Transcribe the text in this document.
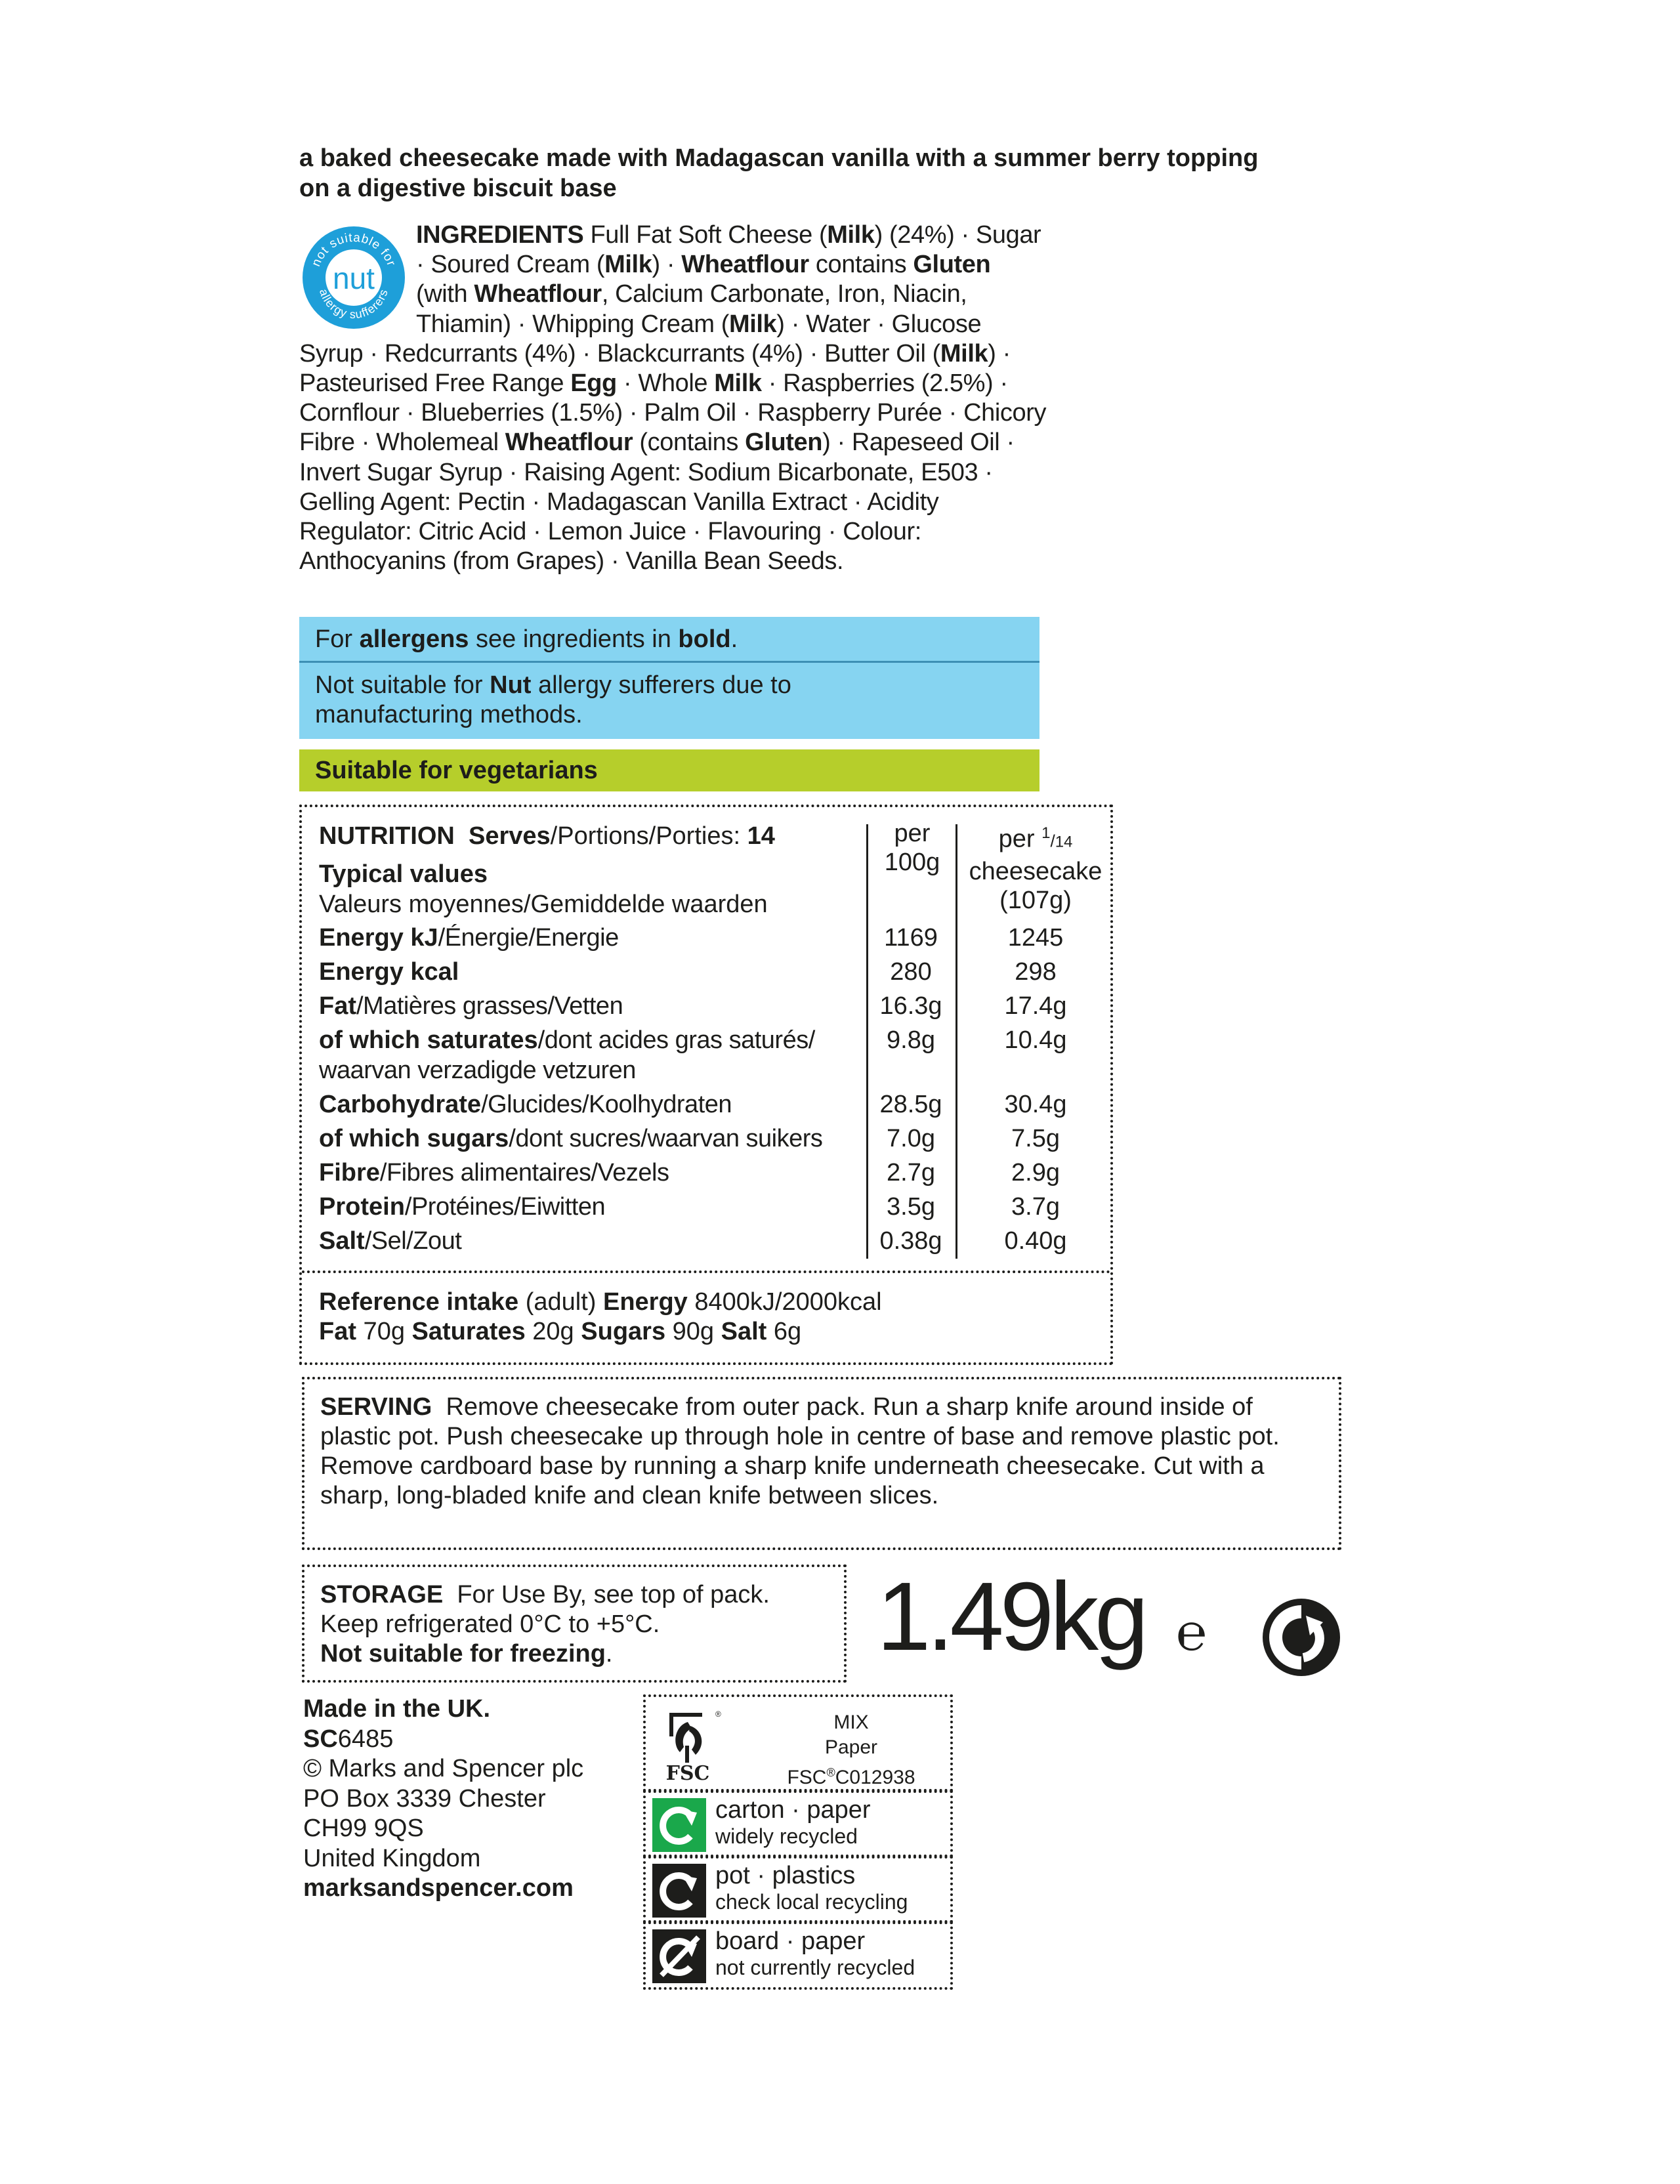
a baked cheesecake made with Madagascan vanilla with a summer berry topping
on a digestive biscuit base
not suitable for
allergy sufferers
nut
INGREDIENTS Full Fat Soft Cheese (Milk) (24%) · Sugar · Soured Cream (Milk) · Wheatflour contains Gluten (with Wheatflour, Calcium Carbonate, Iron, Niacin, Thiamin) · Whipping Cream (Milk) · Water · Glucose Syrup · Redcurrants (4%) · Blackcurrants (4%) · Butter Oil (Milk) · Pasteurised Free Range Egg · Whole Milk · Raspberries (2.5%) · Cornflour · Blueberries (1.5%) · Palm Oil · Raspberry Purée · Chicory Fibre · Wholemeal Wheatflour (contains Gluten) · Rapeseed Oil · Invert Sugar Syrup · Raising Agent: Sodium Bicarbonate, E503 · Gelling Agent: Pectin · Madagascan Vanilla Extract · Acidity Regulator: Citric Acid · Lemon Juice · Flavouring · Colour: Anthocyanins (from Grapes) · Vanilla Bean Seeds.
For allergens see ingredients in bold.
Not suitable for Nut allergy sufferers due to
manufacturing methods.
Suitable for vegetarians
NUTRITION Serves/Portions/Porties: 14
Typical values
Valeurs moyennes/Gemiddelde waarden
per
100g
per $^1$/14
cheesecake
(107g)
Energy kJ/Énergie/Energie	1169	1245
Energy kcal	280	298
Fat/Matières grasses/Vetten	16.3g	17.4g
of which saturates/dont acides gras saturés/
waarvan verzadigde vetzuren
9.8g	10.4g
Carbohydrate/Glucides/Koolhydraten	28.5g	30.4g
of which sugars/dont sucres/waarvan suikers	7.0g	7.5g
Fibre/Fibres alimentaires/Vezels	2.7g	2.9g
Protein/Protéines/Eiwitten	3.5g	3.7g
Salt/Sel/Zout	0.38g	0.40g
Reference intake (adult) Energy 8400kJ/2000kcal
Fat 70g Saturates 20g Sugars 90g Salt 6g
SERVING Remove cheesecake from outer pack. Run a sharp knife around inside of plastic pot. Push cheesecake up through hole in centre of base and remove plastic pot. Remove cardboard base by running a sharp knife underneath cheesecake. Cut with a sharp, long-bladed knife and clean knife between slices.
STORAGE For Use By, see top of pack.
Keep refrigerated 0°C to +5°C.
Not suitable for freezing.	1.49kg ℮
Made in the UK.
SC6485
© Marks and Spencer plc
PO Box 3339 Chester
CH99 9QS
United Kingdom
marksandspencer.com
FSC
®	MIX
Paper
FSC®C012938
carton · paper
widely recycled
pot · plastics
check local recycling
board · paper
not currently recycled
